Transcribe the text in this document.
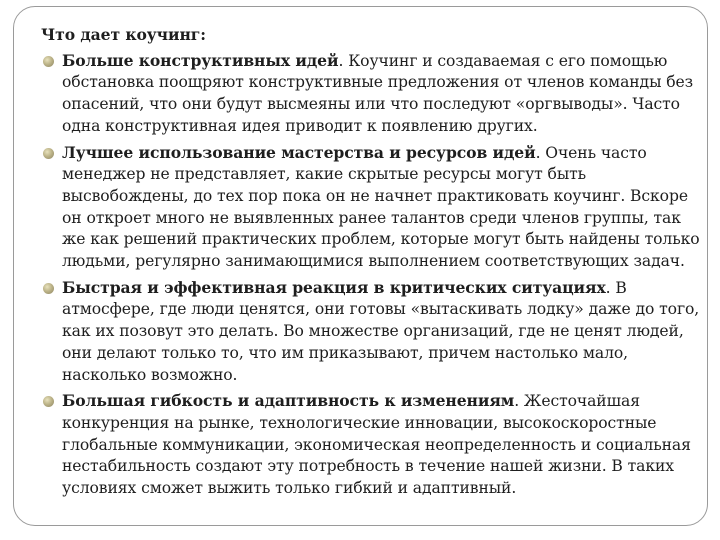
Что дает коучинг:
Больше конструктивных идей. Коучинг и создаваемая с его помощью обстановка поощряют конструктивные предложения от членов команды без опасений, что они будут высмеяны или что последуют «оргвыводы». Часто одна конструктивная идея приводит к появлению других.
Лучшее использование мастерства и ресурсов идей. Очень часто менеджер не представляет, какие скрытые ресурсы могут быть высвобождены, до тех пор пока он не начнет практиковать коучинг. Вскоре он откроет много не выявленных ранее талантов среди членов группы, так же как решений практических проблем, которые могут быть найдены только людьми, регулярно занимающимися выполнением соответствующих задач.
Быстрая и эффективная реакция в критических ситуациях. В атмосфере, где люди ценятся, они готовы «вытаскивать лодку» даже до того, как их позовут это делать. Во множестве организаций, где не ценят людей, они делают только то, что им приказывают, причем настолько мало, насколько возможно.
Большая гибкость и адаптивность к изменениям. Жесточайшая конкуренция на рынке, технологические инновации, высокоскоростные глобальные коммуникации, экономическая неопределенность и социальная нестабильность создают эту потребность в течение нашей жизни. В таких условиях сможет выжить только гибкий и адаптивный.
